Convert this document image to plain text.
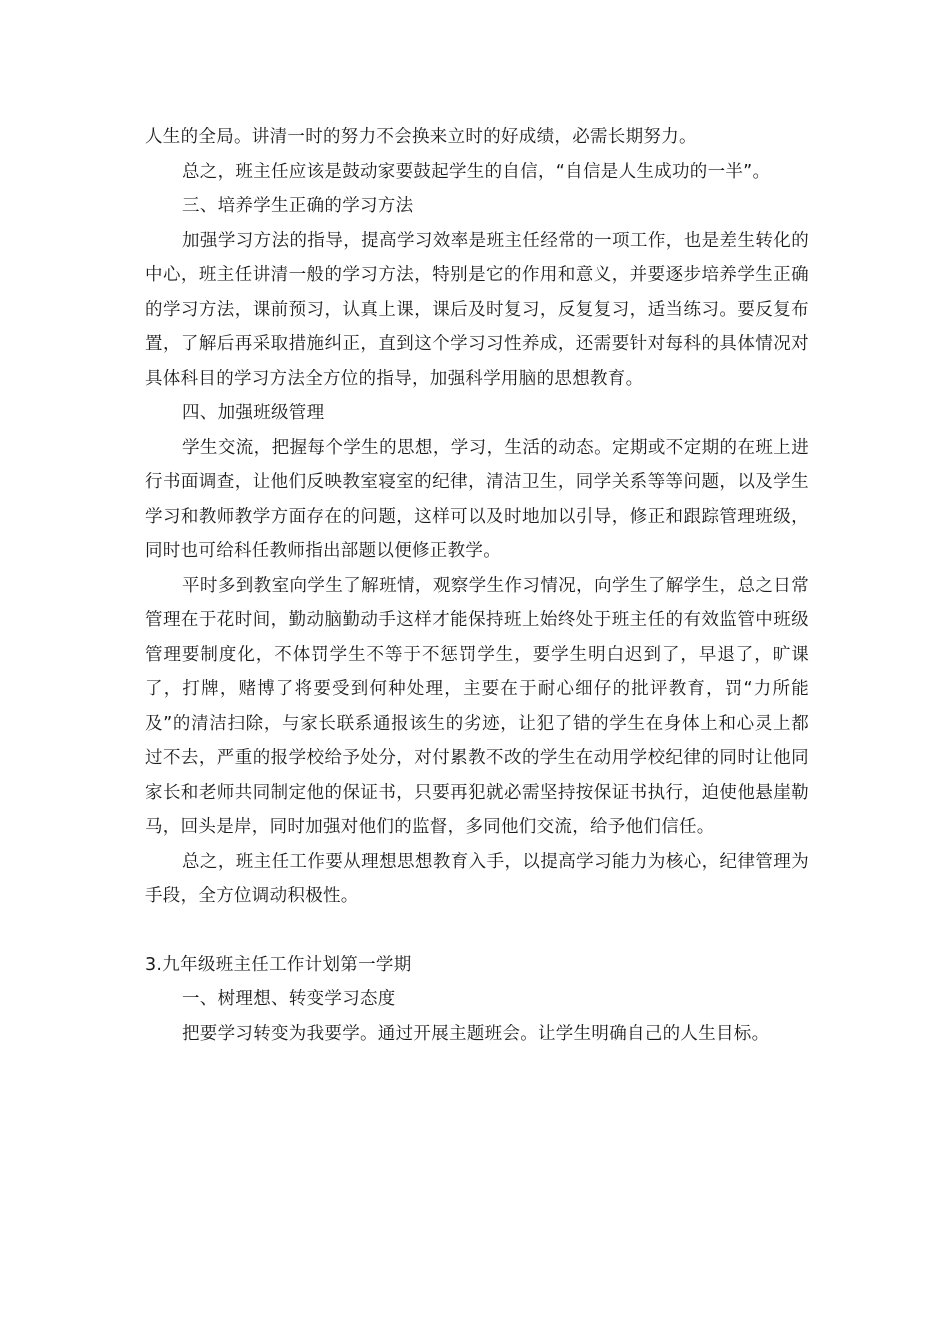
人生的全局。讲清一时的努力不会换来立时的好成绩，必需长期努力。

总之，班主任应该是鼓动家要鼓起学生的自信，“自信是人生成功的一半”。

三、培养学生正确的学习方法

加强学习方法的指导，提高学习效率是班主任经常的一项工作，也是差生转化的中心，班主任讲清一般的学习方法，特别是它的作用和意义，并要逐步培养学生正确的学习方法，课前预习，认真上课，课后及时复习，反复复习，适当练习。要反复布置，了解后再采取措施纠正，直到这个学习习性养成，还需要针对每科的具体情况对具体科目的学习方法全方位的指导，加强科学用脑的思想教育。

四、加强班级管理

学生交流，把握每个学生的思想，学习，生活的动态。定期或不定期的在班上进行书面调查，让他们反映教室寝室的纪律，清洁卫生，同学关系等等问题，以及学生学习和教师教学方面存在的问题，这样可以及时地加以引导，修正和跟踪管理班级，同时也可给科任教师指出部题以便修正教学。

平时多到教室向学生了解班情，观察学生作习情况，向学生了解学生，总之日常管理在于花时间，勤动脑勤动手这样才能保持班上始终处于班主任的有效监管中班级管理要制度化，不体罚学生不等于不惩罚学生，要学生明白迟到了，早退了，旷课了，打牌，赌博了将要受到何种处理，主要在于耐心细仔的批评教育，罚“力所能及”的清洁扫除，与家长联系通报该生的劣迹，让犯了错的学生在身体上和心灵上都过不去，严重的报学校给予处分，对付累教不改的学生在动用学校纪律的同时让他同家长和老师共同制定他的保证书，只要再犯就必需坚持按保证书执行，迫使他悬崖勒马，回头是岸，同时加强对他们的监督，多同他们交流，给予他们信任。

总之，班主任工作要从理想思想教育入手，以提高学习能力为核心，纪律管理为手段，全方位调动积极性。

3.九年级班主任工作计划第一学期

一、树理想、转变学习态度

把要学习转变为我要学。通过开展主题班会。让学生明确自己的人生目标。
